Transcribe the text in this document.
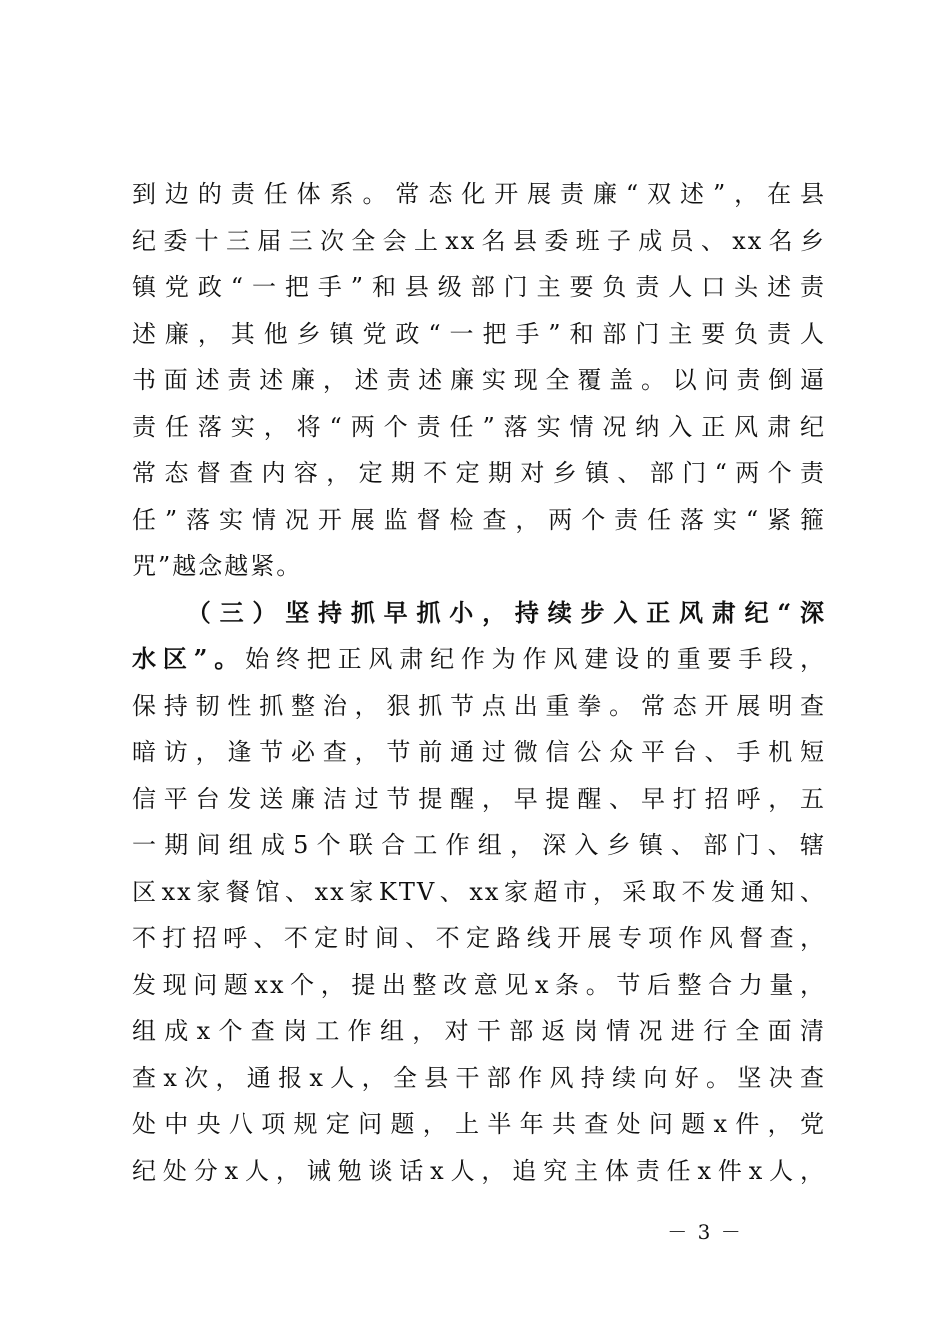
到边的责任体系。常态化开展责廉“双述”，在县
纪委十三届三次全会上xx名县委班子成员、xx名乡
镇党政“一把手”和县级部门主要负责人口头述责
述廉，其他乡镇党政“一把手”和部门主要负责人
书面述责述廉，述责述廉实现全覆盖。以问责倒逼
责任落实，将“两个责任”落实情况纳入正风肃纪
常态督查内容，定期不定期对乡镇、部门“两个责
任”落实情况开展监督检查，两个责任落实“紧箍
咒”越念越紧。
（三）坚持抓早抓小，持续步入正风肃纪“深
水区”。始终把正风肃纪作为作风建设的重要手段，
保持韧性抓整治，狠抓节点出重拳。常态开展明查
暗访，逢节必查，节前通过微信公众平台、手机短
信平台发送廉洁过节提醒，早提醒、早打招呼，五
一期间组成5个联合工作组，深入乡镇、部门、辖
区xx家餐馆、xx家KTV、xx家超市，采取不发通知、
不打招呼、不定时间、不定路线开展专项作风督查，
发现问题xx个，提出整改意见x条。节后整合力量，
组成x个查岗工作组，对干部返岗情况进行全面清
查x次，通报x人，全县干部作风持续向好。坚决查
处中央八项规定问题，上半年共查处问题x件，党
纪处分x人，诫勉谈话x人，追究主体责任x件x人，
－ 3 －
